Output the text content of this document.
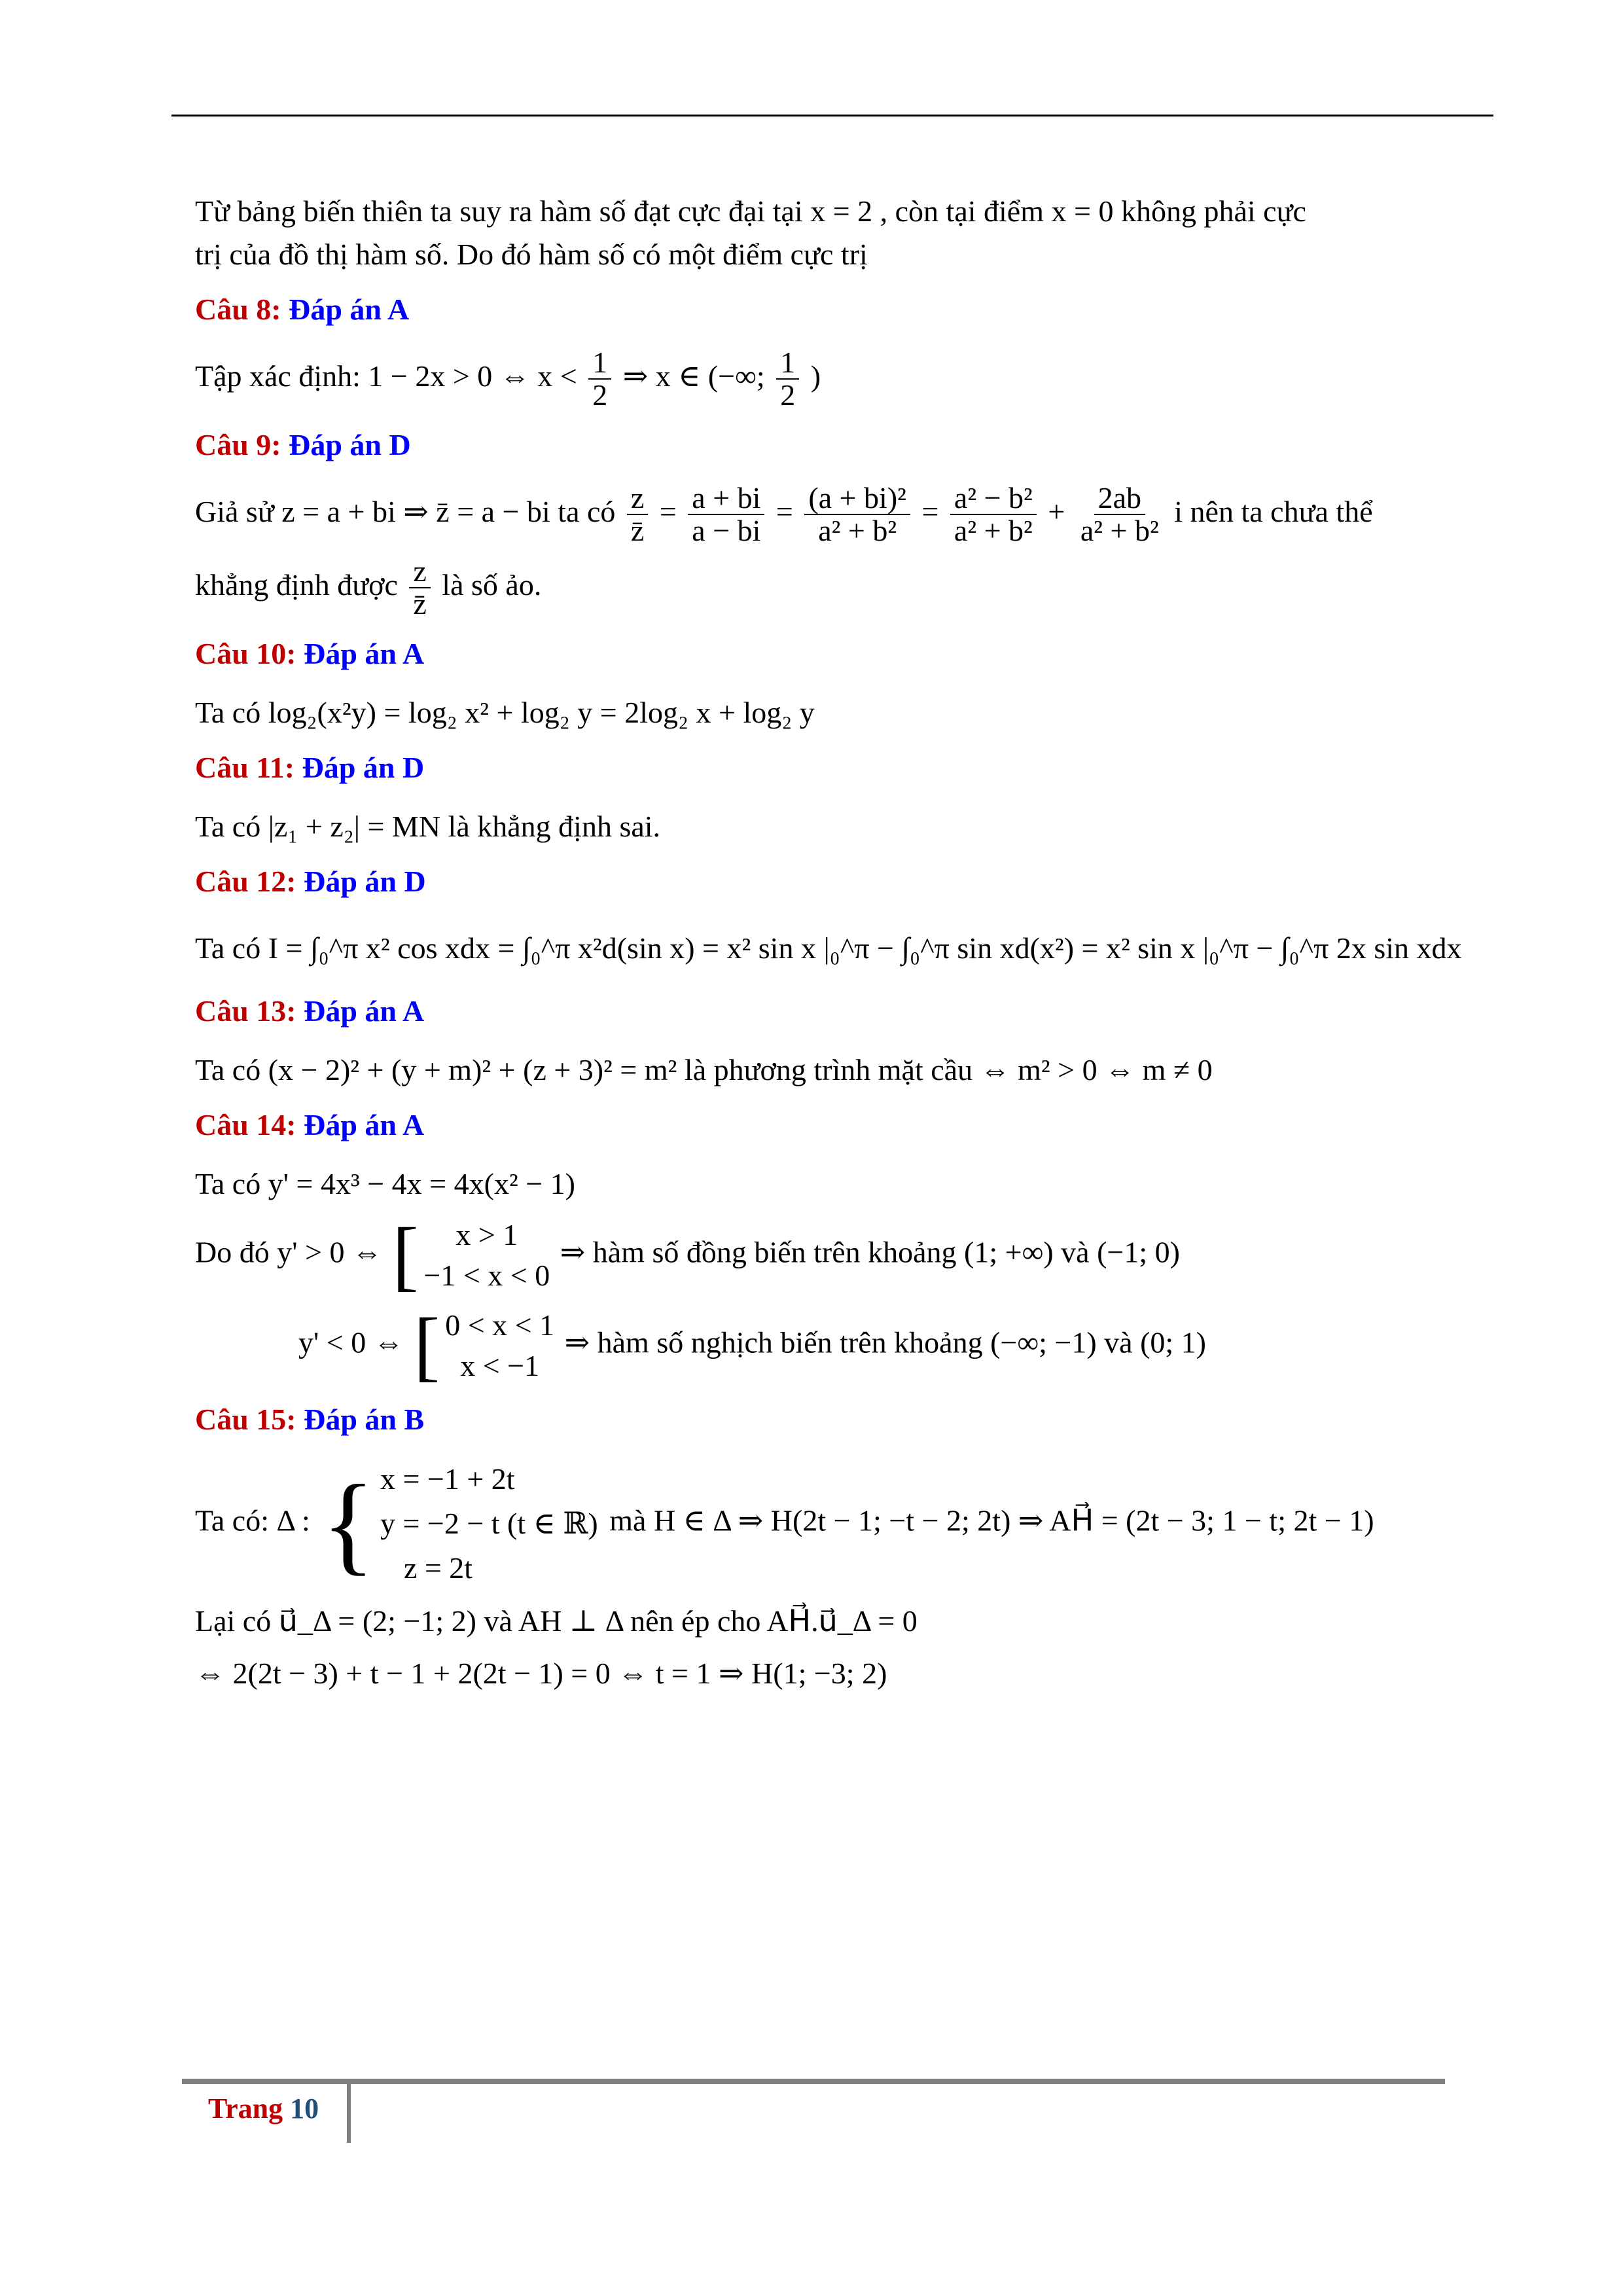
Từ bảng biến thiên ta suy ra hàm số đạt cực đại tại x = 2 , còn tại điểm x = 0 không phải cực
trị của đồ thị hàm số. Do đó hàm số có một điểm cực trị
Câu 8: Đáp án A
Tập xác định: 1 − 2x > 0 ⇔ $x < \frac{1}{2}$ ⇒ x ∈ (−∞; $\frac{1}{2}$ )
Câu 9: Đáp án D
Giả sử z = a + bi ⇒ z̄ = a − bi ta có $\frac{z}{z̄} = \frac{a + bi}{a - bi} = \frac{\text{(a + bi)²}}{\text{a² + b²}} = \frac{\text{a² − b²}}{\text{a² + b²}} + \frac{2ab}{\text{a² + b²}}$ i nên ta chưa thể
khẳng định được $\frac{z}{z̄}$ là số ảo.
Câu 10: Đáp án A
Ta có log₂(x²y) = log₂ x² + log₂ y = 2log₂ x + log₂ y
Câu 11: Đáp án D
Ta có |z₁ + z₂| = MN là khẳng định sai.
Câu 12: Đáp án D
Ta có I = ∫₀^π x² cos xdx = ∫₀^π x²d(sin x) = x² sin x |₀^π − ∫₀^π sin xd(x²) = x² sin x |₀^π − ∫₀^π 2x sin xdx
Câu 13: Đáp án A
Ta có (x − 2)² + (y + m)² + (z + 3)² = m² là phương trình mặt cầu ⇔ m² > 0 ⇔ m ≠ 0
Câu 14: Đáp án A
Ta có y' = 4x³ − 4x = 4x(x² − 1)
Do đó y' > 0 ⇔ [	x > 1
−1 < x < 0
⇒ hàm số đồng biến trên khoảng (1; +∞) và (−1; 0)
y' < 0 ⇔ [ 0 < x < 1
x < −1
⇒ hàm số nghịch biến trên khoảng (−∞; −1) và (0; 1)
Câu 15: Đáp án B
Ta có: Δ : { x = −1 + 2t
y = −2 − t (t ∈ ℝ)
z = 2t
mà H ∈ Δ ⇒ H(2t − 1; −t − 2; 2t) ⇒ AH⃗ = (2t − 3; 1 − t; 2t − 1)
Lại có u⃗_Δ = (2; −1; 2) và AH ⊥ Δ nên ép cho AH⃗.u⃗_Δ = 0
⇔ 2(2t − 3) + t − 1 + 2(2t − 1) = 0 ⇔ t = 1 ⇒ H(1; −3; 2)
Trang 10
